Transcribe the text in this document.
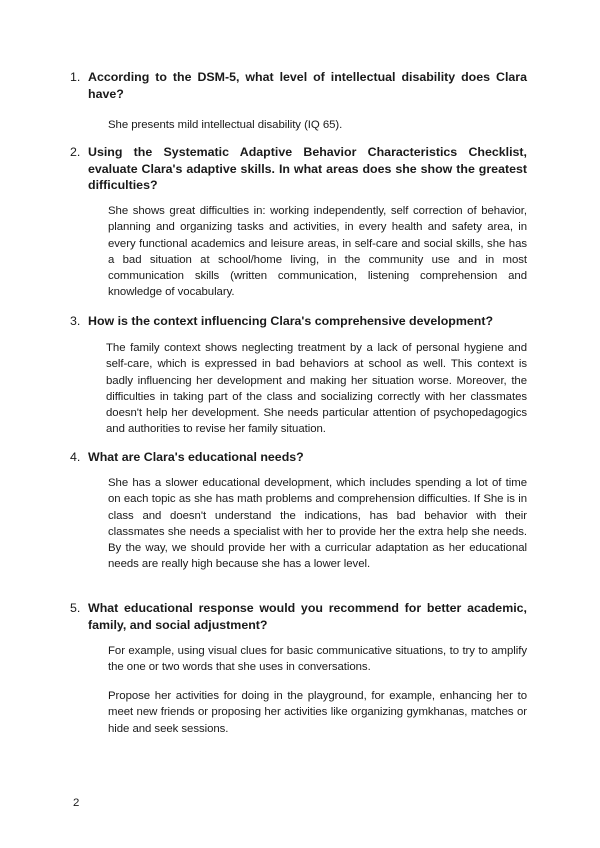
1. According to the DSM-5, what level of intellectual disability does Clara have?
She presents mild intellectual disability (IQ 65).
2. Using the Systematic Adaptive Behavior Characteristics Checklist, evaluate Clara's adaptive skills. In what areas does she show the greatest difficulties?
She shows great difficulties in: working independently, self correction of behavior, planning and organizing tasks and activities, in every health and safety area, in every functional academics and leisure areas, in self-care and social skills, she has a bad situation at school/home living, in the community use and in most communication skills (written communication, listening comprehension and knowledge of vocabulary.
3. How is the context influencing Clara's comprehensive development?
The family context shows neglecting treatment by a lack of personal hygiene and self-care, which is expressed in bad behaviors at school as well. This context is badly influencing her development and making her situation worse. Moreover, the difficulties in taking part of the class and socializing correctly with her classmates doesn't help her development. She needs particular attention of psychopedagogics and authorities to revise her family situation.
4. What are Clara's educational needs?
She has a slower educational development, which includes spending a lot of time on each topic as she has math problems and comprehension difficulties. If She is in class and doesn't understand the indications, has bad behavior with their classmates she needs a specialist with her to provide her the extra help she needs. By the way, we should provide her with a curricular adaptation as her educational needs are really high because she has a lower level.
5. What educational response would you recommend for better academic, family, and social adjustment?
For example, using visual clues for basic communicative situations, to try to amplify the one or two words that she uses in conversations.
Propose her activities for doing in the playground, for example, enhancing her to meet new friends or proposing her activities like organizing gymkhanas, matches or hide and seek sessions.
2
